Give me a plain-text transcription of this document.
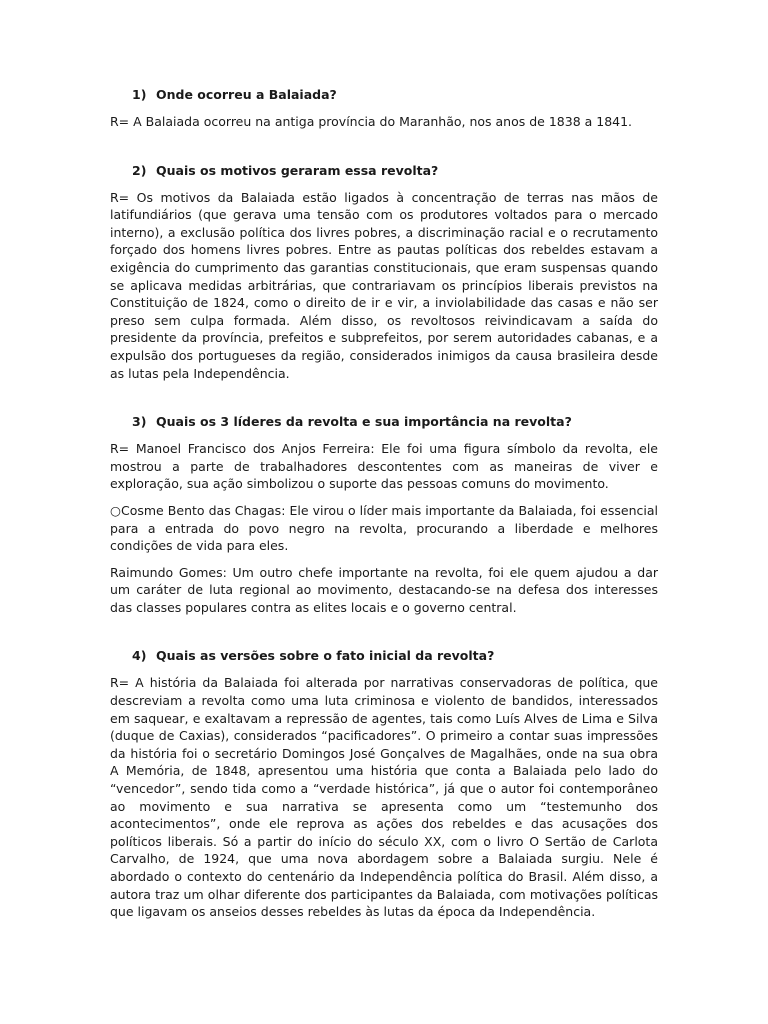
1) Onde ocorreu a Balaiada?

R= A Balaiada ocorreu na antiga província do Maranhão, nos anos de 1838 a 1841.

2) Quais os motivos geraram essa revolta?

R= Os motivos da Balaiada estão ligados à concentração de terras nas mãos de latifundiários (que gerava uma tensão com os produtores voltados para o mercado interno), a exclusão política dos livres pobres, a discriminação racial e o recrutamento forçado dos homens livres pobres. Entre as pautas políticas dos rebeldes estavam a exigência do cumprimento das garantias constitucionais, que eram suspensas quando se aplicava medidas arbitrárias, que contrariavam os princípios liberais previstos na Constituição de 1824, como o direito de ir e vir, a inviolabilidade das casas e não ser preso sem culpa formada. Além disso, os revoltosos reivindicavam a saída do presidente da província, prefeitos e subprefeitos, por serem autoridades cabanas, e a expulsão dos portugueses da região, considerados inimigos da causa brasileira desde as lutas pela Independência.

3) Quais os 3 líderes da revolta e sua importância na revolta?

R= Manoel Francisco dos Anjos Ferreira: Ele foi uma figura símbolo da revolta, ele mostrou a parte de trabalhadores descontentes com as maneiras de viver e exploração, sua ação simbolizou o suporte das pessoas comuns do movimento.

○Cosme Bento das Chagas: Ele virou o líder mais importante da Balaiada, foi essencial para a entrada do povo negro na revolta, procurando a liberdade e melhores condições de vida para eles.

Raimundo Gomes: Um outro chefe importante na revolta, foi ele quem ajudou a dar um caráter de luta regional ao movimento, destacando-se na defesa dos interesses das classes populares contra as elites locais e o governo central.

4) Quais as versões sobre o fato inicial da revolta?

R= A história da Balaiada foi alterada por narrativas conservadoras de política, que descreviam a revolta como uma luta criminosa e violento de bandidos, interessados em saquear, e exaltavam a repressão de agentes, tais como Luís Alves de Lima e Silva (duque de Caxias), considerados “pacificadores”. O primeiro a contar suas impressões da história foi o secretário Domingos José Gonçalves de Magalhães, onde na sua obra A Memória, de 1848, apresentou uma história que conta a Balaiada pelo lado do “vencedor”, sendo tida como a “verdade histórica”, já que o autor foi contemporâneo ao movimento e sua narrativa se apresenta como um “testemunho dos acontecimentos”, onde ele reprova as ações dos rebeldes e das acusações dos políticos liberais. Só a partir do início do século XX, com o livro O Sertão de Carlota Carvalho, de 1924, que uma nova abordagem sobre a Balaiada surgiu. Nele é abordado o contexto do centenário da Independência política do Brasil. Além disso, a autora traz um olhar diferente dos participantes da Balaiada, com motivações políticas que ligavam os anseios desses rebeldes às lutas da época da Independência.
